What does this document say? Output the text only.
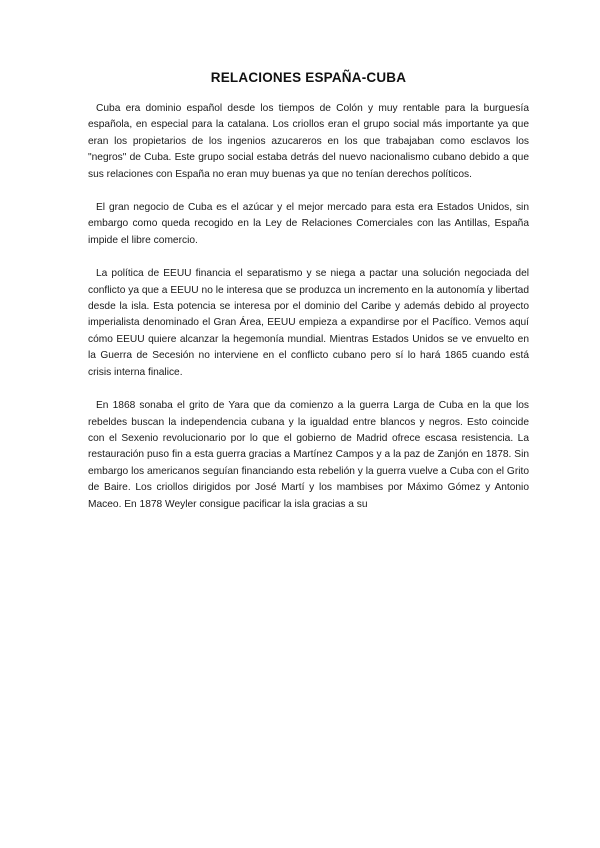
RELACIONES ESPAÑA-CUBA

Cuba era dominio español desde los tiempos de Colón y muy rentable para la burguesía española, en especial para la catalana. Los criollos eran el grupo social más importante ya que eran los propietarios de los ingenios azucareros en los que trabajaban como esclavos los "negros" de Cuba. Este grupo social estaba detrás del nuevo nacionalismo cubano debido a que sus relaciones con España no eran muy buenas ya que no tenían derechos políticos.

El gran negocio de Cuba es el azúcar y el mejor mercado para esta era Estados Unidos, sin embargo como queda recogido en la Ley de Relaciones Comerciales con las Antillas, España impide el libre comercio.

La política de EEUU financia el separatismo y se niega a pactar una solución negociada del conflicto ya que a EEUU no le interesa que se produzca un incremento en la autonomía y libertad desde la isla. Esta potencia se interesa por el dominio del Caribe y además debido al proyecto imperialista denominado el Gran Área, EEUU empieza a expandirse por el Pacífico. Vemos aquí cómo EEUU quiere alcanzar la hegemonía mundial. Mientras Estados Unidos se ve envuelto en la Guerra de Secesión no interviene en el conflicto cubano pero sí lo hará 1865 cuando está crisis interna finalice.

En 1868 sonaba el grito de Yara que da comienzo a la guerra Larga de Cuba en la que los rebeldes buscan la independencia cubana y la igualdad entre blancos y negros. Esto coincide con el Sexenio revolucionario por lo que el gobierno de Madrid ofrece escasa resistencia. La restauración puso fin a esta guerra gracias a Martínez Campos y a la paz de Zanjón en 1878. Sin embargo los americanos seguían financiando esta rebelión y la guerra vuelve a Cuba con el Grito de Baire. Los criollos dirigidos por José Martí y los mambises por Máximo Gómez y Antonio Maceo. En 1878 Weyler consigue pacificar la isla gracias a su
